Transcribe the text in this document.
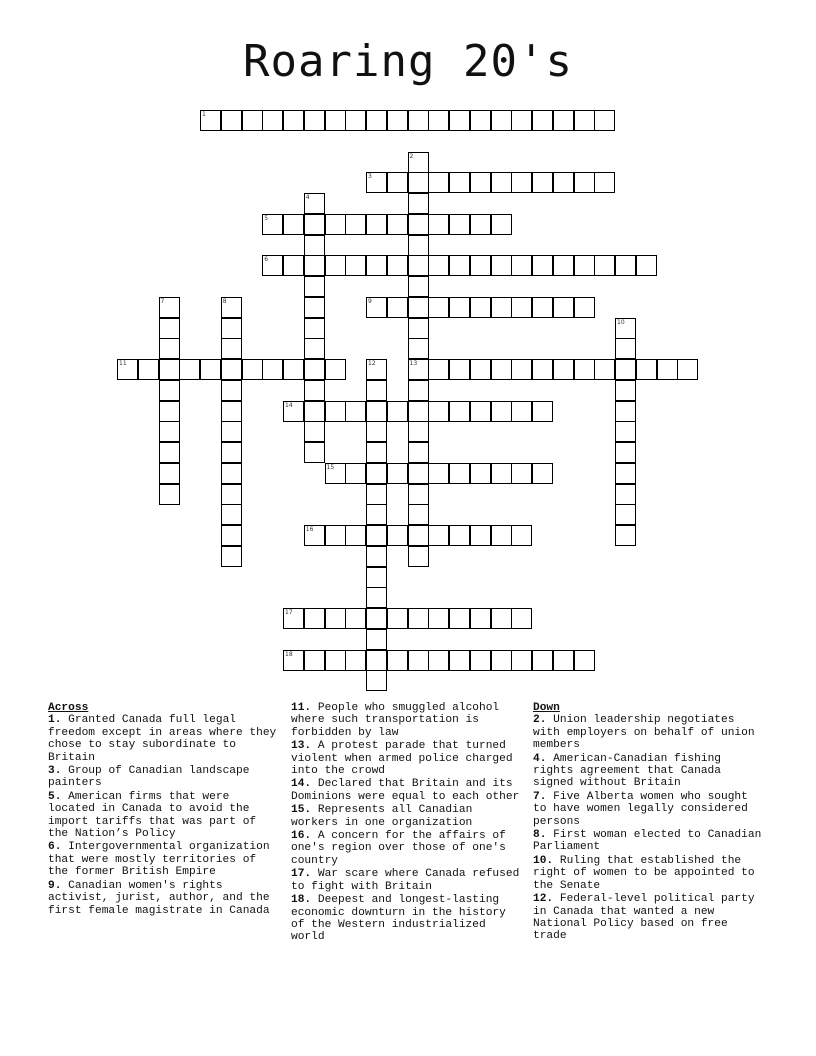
Roaring 20's
1
2
13
3
4
5
6
7	8	9
10
11	12
14
15
16
17
18
Across
1. Granted Canada full legal freedom except in areas where they chose to stay subordinate to Britain
3. Group of Canadian landscape painters
5. American firms that were located in Canada to avoid the import tariffs that was part of the Nation’s Policy
6. Intergovernmental organization that were mostly territories of the former British Empire
9. Canadian women's rights activist, jurist, author, and the first female magistrate in Canada
11. People who smuggled alcohol where such transportation is forbidden by law
13. A protest parade that turned violent when armed police charged into the crowd
14. Declared that Britain and its Dominions were equal to each other
15. Represents all Canadian workers in one organization
16. A concern for the affairs of one's region over those of one's country
17. War scare where Canada refused to fight with Britain
18. Deepest and longest-lasting economic downturn in the history of the Western industrialized world
Down
2. Union leadership negotiates with employers on behalf of union members
4. American-Canadian fishing rights agreement that Canada signed without Britain
7. Five Alberta women who sought to have women legally considered persons
8. First woman elected to Canadian Parliament
10. Ruling that established the right of women to be appointed to the Senate
12. Federal-level political party in Canada that wanted a new National Policy based on free trade
